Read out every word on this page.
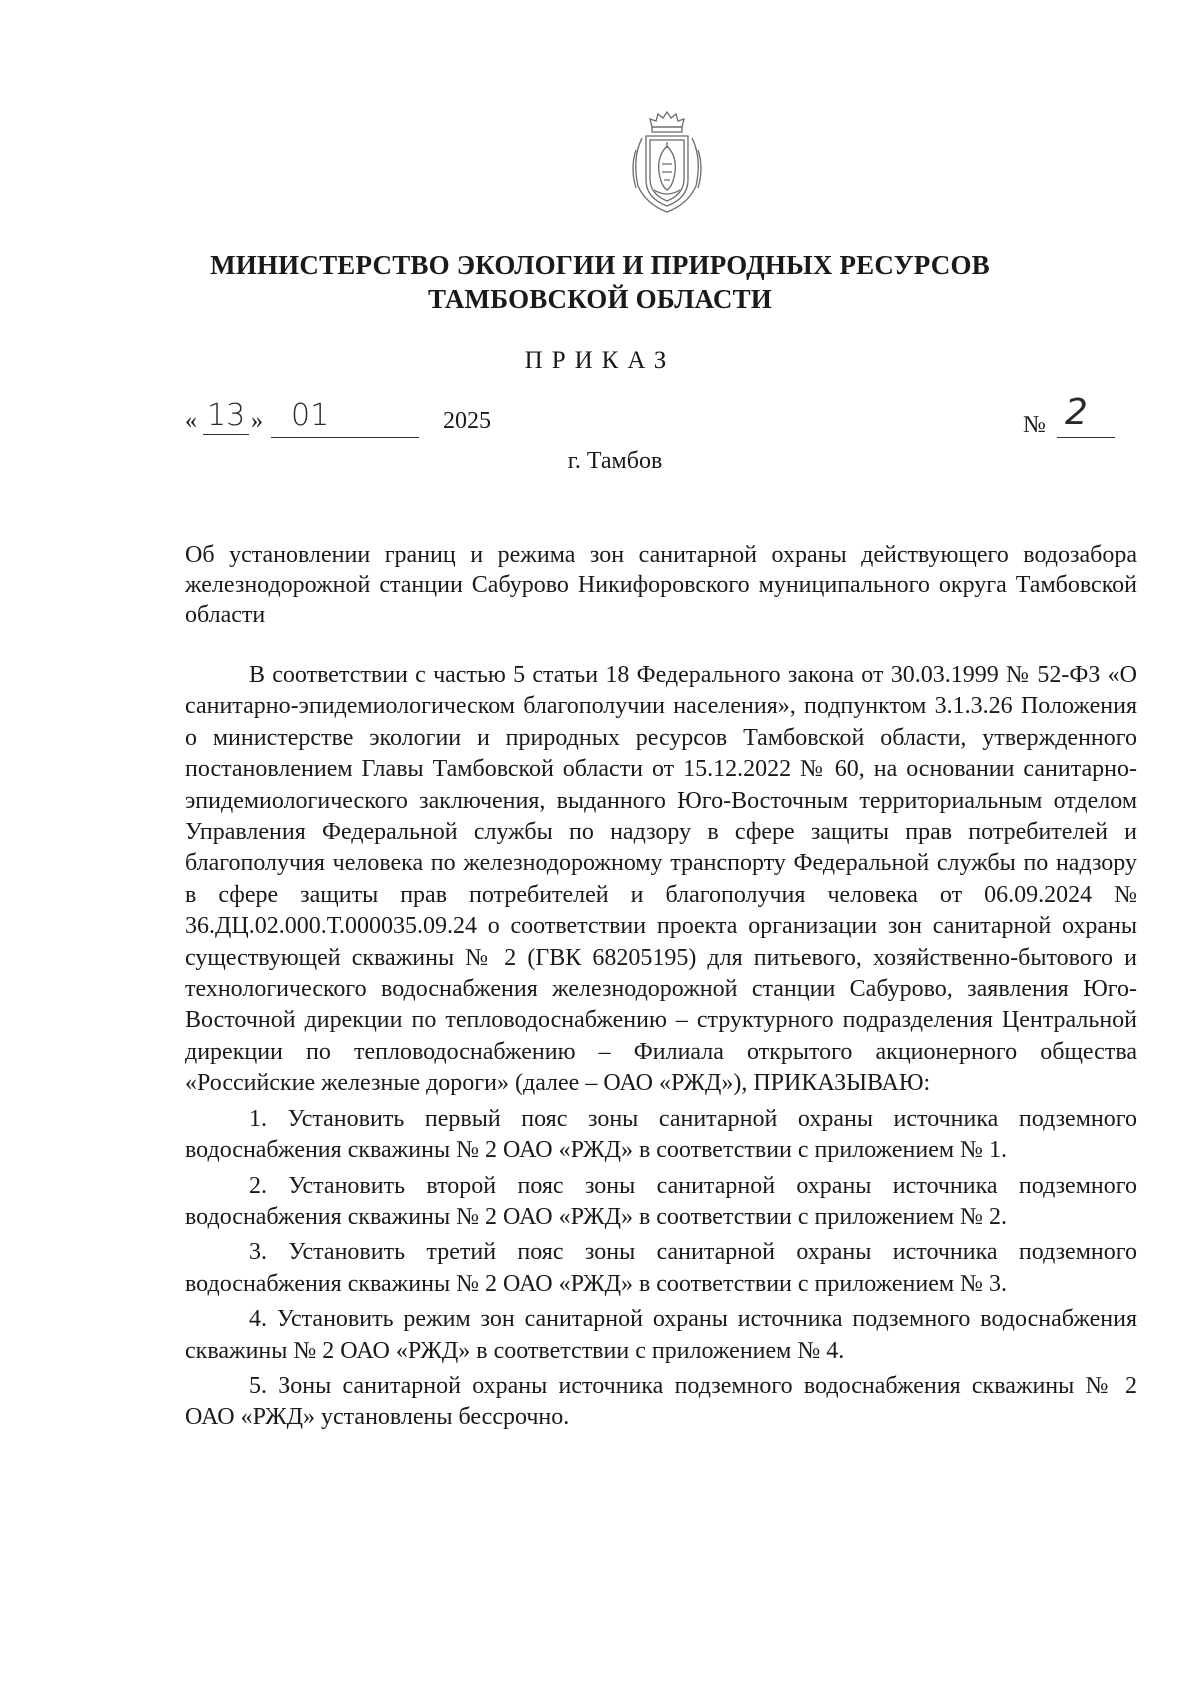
МИНИСТЕРСТВО ЭКОЛОГИИ И ПРИРОДНЫХ РЕСУРСОВ
ТАМБОВСКОЙ ОБЛАСТИ
ПРИКАЗ
« 13 » 01	2025	№ 2
г. Тамбов
Об установлении границ и режима зон санитарной охраны действующего водозабора железнодорожной станции Сабурово Никифоровского муниципального округа Тамбовской области

В соответствии с частью 5 статьи 18 Федерального закона от 30.03.1999 № 52-ФЗ «О санитарно-эпидемиологическом благополучии населения», подпунктом 3.1.3.26 Положения о министерстве экологии и природных ресурсов Тамбовской области, утвержденного постановлением Главы Тамбовской области от 15.12.2022 № 60, на основании санитарно-эпидемиологического заключения, выданного Юго-Восточным территориальным отделом Управления Федеральной службы по надзору в сфере защиты прав потребителей и благополучия человека по железнодорожному транспорту Федеральной службы по надзору в сфере защиты прав потребителей и благополучия человека от 06.09.2024 № 36.ДЦ.02.000.Т.000035.09.24 о соответствии проекта организации зон санитарной охраны существующей скважины № 2 (ГВК 68205195) для питьевого, хозяйственно-бытового и технологического водоснабжения железнодорожной станции Сабурово, заявления Юго-Восточной дирекции по тепловодоснабжению – структурного подразделения Центральной дирекции по тепловодоснабжению – Филиала открытого акционерного общества «Российские железные дороги» (далее – ОАО «РЖД»), ПРИКАЗЫВАЮ:

1. Установить первый пояс зоны санитарной охраны источника подземного водоснабжения скважины № 2 ОАО «РЖД» в соответствии с приложением № 1.

2. Установить второй пояс зоны санитарной охраны источника подземного водоснабжения скважины № 2 ОАО «РЖД» в соответствии с приложением № 2.

3. Установить третий пояс зоны санитарной охраны источника подземного водоснабжения скважины № 2 ОАО «РЖД» в соответствии с приложением № 3.

4. Установить режим зон санитарной охраны источника подземного водоснабжения скважины № 2 ОАО «РЖД» в соответствии с приложением № 4.

5. Зоны санитарной охраны источника подземного водоснабжения скважины № 2 ОАО «РЖД» установлены бессрочно.
